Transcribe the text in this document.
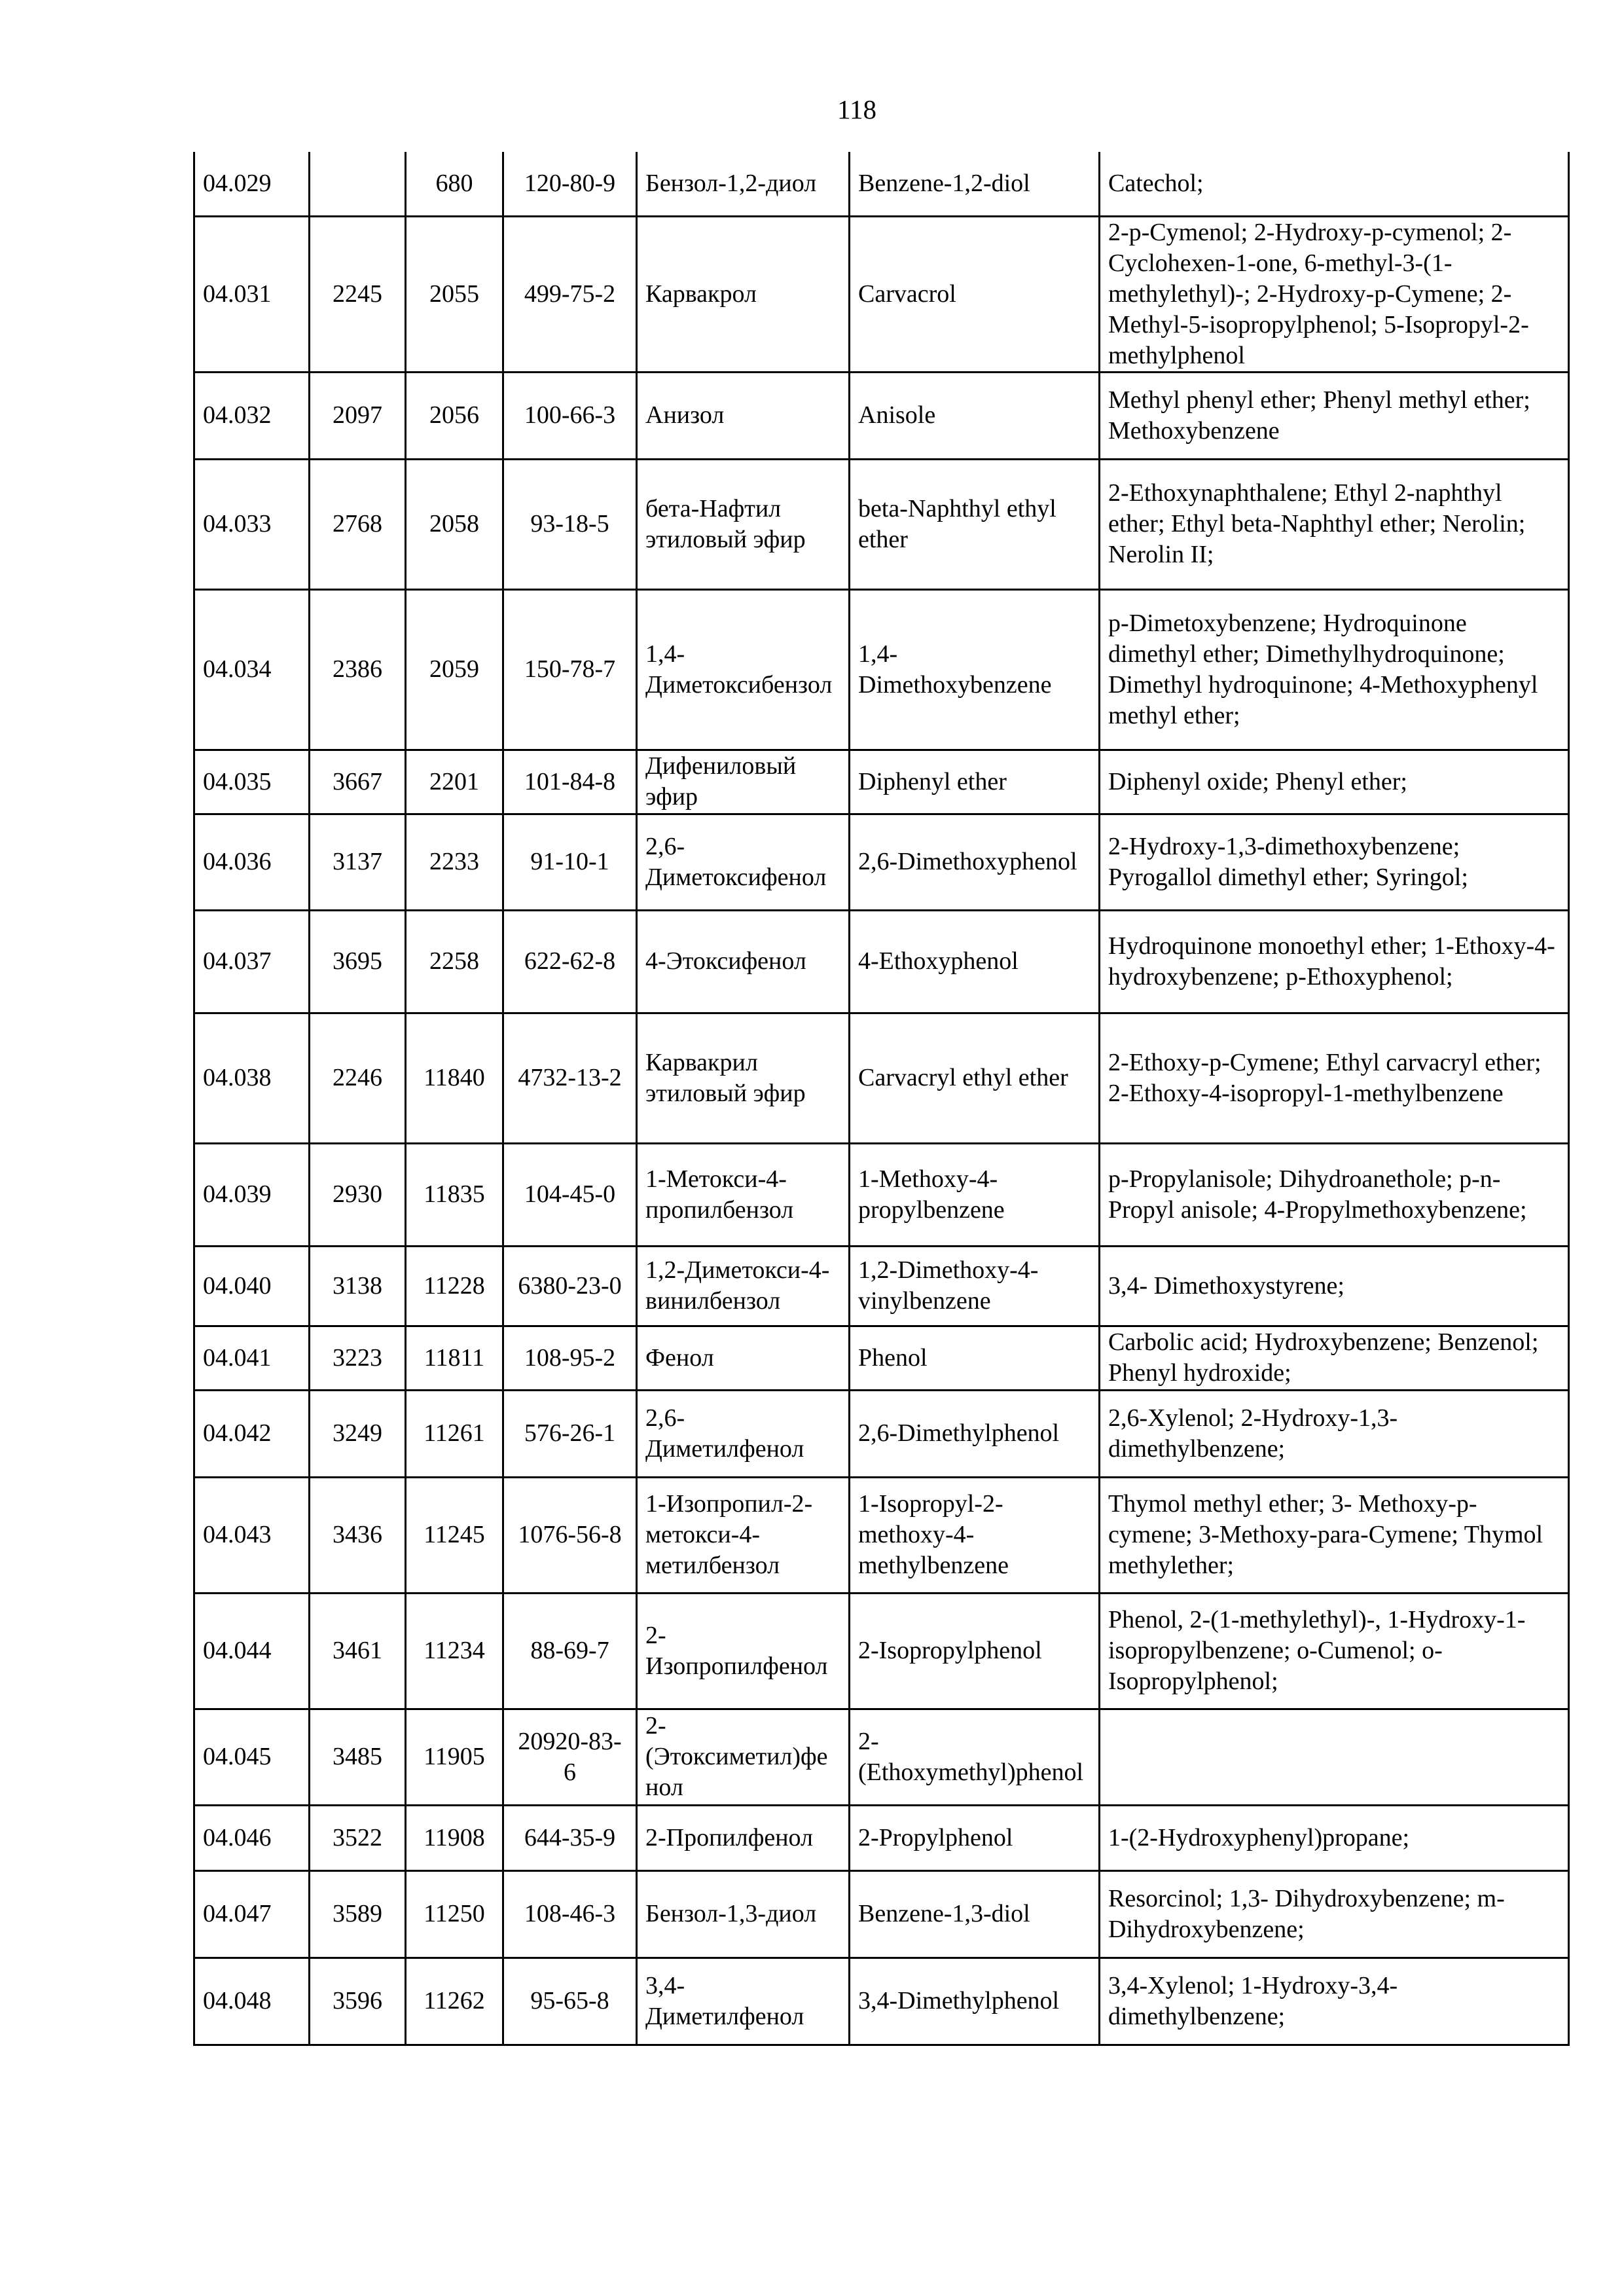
118
04.029		680	120-80-9	Бензол-1,2-диол	Benzene-1,2-diol	Catechol;
04.031	2245	2055	499-75-2	Карвакрол	Carvacrol	2-p-Cymenol; 2-Hydroxy-p-cymenol; 2-Cyclohexen-1-one, 6-methyl-3-(1-methylethyl)-; 2-Hydroxy-p-Cymene; 2-Methyl-5-isopropylphenol; 5-Isopropyl-2-methylphenol
04.032	2097	2056	100-66-3	Анизол	Anisole	Methyl phenyl ether; Phenyl methyl ether; Methoxybenzene
04.033	2768	2058	93-18-5	бета-Нафтил этиловый эфир	beta-Naphthyl ethyl ether	2-Ethoxynaphthalene; Ethyl 2-naphthyl ether; Ethyl beta-Naphthyl ether; Nerolin; Nerolin II;
04.034	2386	2059	150-78-7	1,4-Диметоксибензол	1,4-Dimethoxybenzene	p-Dimetoxybenzene; Hydroquinone dimethyl ether; Dimethylhydroquinone; Dimethyl hydroquinone; 4-Methoxyphenyl methyl ether;
04.035	3667	2201	101-84-8	Дифениловый эфир	Diphenyl ether	Diphenyl oxide; Phenyl ether;
04.036	3137	2233	91-10-1	2,6-Диметоксифенол	2,6-Dimethoxyphenol	2-Hydroxy-1,3-dimethoxybenzene; Pyrogallol dimethyl ether; Syringol;
04.037	3695	2258	622-62-8	4-Этоксифенол	4-Ethoxyphenol	Hydroquinone monoethyl ether; 1-Ethoxy-4-hydroxybenzene; p-Ethoxyphenol;
04.038	2246	11840	4732-13-2	Карвакрил этиловый эфир	Carvacryl ethyl ether	2-Ethoxy-p-Cymene; Ethyl carvacryl ether; 2-Ethoxy-4-isopropyl-1-methylbenzene
04.039	2930	11835	104-45-0	1-Метокси-4-пропилбензол	1-Methoxy-4-propylbenzene	p-Propylanisole; Dihydroanethole; p-n-Propyl anisole; 4-Propylmethoxybenzene;
04.040	3138	11228	6380-23-0	1,2-Диметокси-4-винилбензол	1,2-Dimethoxy-4-vinylbenzene	3,4- Dimethoxystyrene;
04.041	3223	11811	108-95-2	Фенол	Phenol	Carbolic acid; Hydroxybenzene; Benzenol; Phenyl hydroxide;
04.042	3249	11261	576-26-1	2,6-Диметилфенол	2,6-Dimethylphenol	2,6-Xylenol; 2-Hydroxy-1,3-dimethylbenzene;
04.043	3436	11245	1076-56-8	1-Изопропил-2-метокси-4-метилбензол	1-Isopropyl-2-methoxy-4-methylbenzene	Thymol methyl ether; 3- Methoxy-p-cymene; 3-Methoxy-para-Cymene; Thymol methylether;
04.044	3461	11234	88-69-7	2-Изопропилфенол	2-Isopropylphenol	Phenol, 2-(1-methylethyl)-, 1-Hydroxy-1-isopropylbenzene; o-Cumenol; o-Isopropylphenol;
04.045	3485	11905	20920-83-6	2-(Этоксиметил)фенол	2-(Ethoxymethyl)phenol	
04.046	3522	11908	644-35-9	2-Пропилфенол	2-Propylphenol	1-(2-Hydroxyphenyl)propane;
04.047	3589	11250	108-46-3	Бензол-1,3-диол	Benzene-1,3-diol	Resorcinol; 1,3- Dihydroxybenzene; m-Dihydroxybenzene;
04.048	3596	11262	95-65-8	3,4-Диметилфенол	3,4-Dimethylphenol	3,4-Xylenol; 1-Hydroxy-3,4-dimethylbenzene;
